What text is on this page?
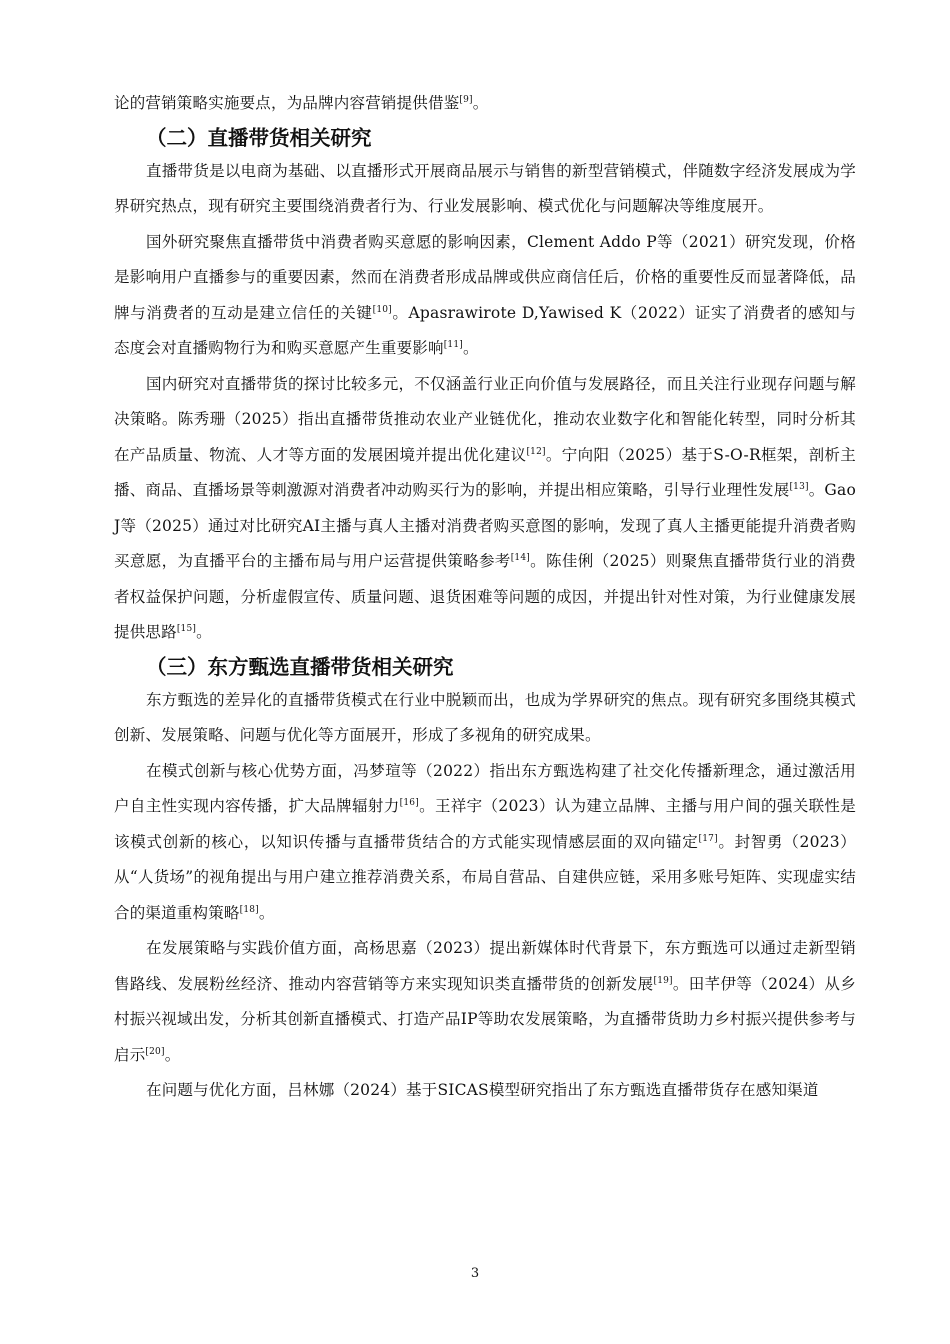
论的营销策略实施要点，为品牌内容营销提供借鉴[9]。

（二）直播带货相关研究

直播带货是以电商为基础、以直播形式开展商品展示与销售的新型营销模式，伴随数字经济发展成为学界研究热点，现有研究主要围绕消费者行为、行业发展影响、模式优化与问题解决等维度展开。

国外研究聚焦直播带货中消费者购买意愿的影响因素，Clement Addo P等（2021）研究发现，价格是影响用户直播参与的重要因素，然而在消费者形成品牌或供应商信任后，价格的重要性反而显著降低，品牌与消费者的互动是建立信任的关键[10]。Apasrawirote D,Yawised K（2022）证实了消费者的感知与态度会对直播购物行为和购买意愿产生重要影响[11]。

国内研究对直播带货的探讨比较多元，不仅涵盖行业正向价值与发展路径，而且关注行业现存问题与解决策略。陈秀珊（2025）指出直播带货推动农业产业链优化，推动农业数字化和智能化转型，同时分析其在产品质量、物流、人才等方面的发展困境并提出优化建议[12]。宁向阳（2025）基于S-O-R框架，剖析主播、商品、直播场景等刺激源对消费者冲动购买行为的影响，并提出相应策略，引导行业理性发展[13]。Gao J等（2025）通过对比研究AI主播与真人主播对消费者购买意图的影响，发现了真人主播更能提升消费者购买意愿，为直播平台的主播布局与用户运营提供策略参考[14]。陈佳俐（2025）则聚焦直播带货行业的消费者权益保护问题，分析虚假宣传、质量问题、退货困难等问题的成因，并提出针对性对策，为行业健康发展提供思路[15]。

（三）东方甄选直播带货相关研究

东方甄选的差异化的直播带货模式在行业中脱颖而出，也成为学界研究的焦点。现有研究多围绕其模式创新、发展策略、问题与优化等方面展开，形成了多视角的研究成果。

在模式创新与核心优势方面，冯梦瑄等（2022）指出东方甄选构建了社交化传播新理念，通过激活用户自主性实现内容传播，扩大品牌辐射力[16]。王祥宇（2023）认为建立品牌、主播与用户间的强关联性是该模式创新的核心，以知识传播与直播带货结合的方式能实现情感层面的双向锚定[17]。封智勇（2023）从“人货场”的视角提出与用户建立推荐消费关系，布局自营品、自建供应链，采用多账号矩阵、实现虚实结合的渠道重构策略[18]。

在发展策略与实践价值方面，高杨思嘉（2023）提出新媒体时代背景下，东方甄选可以通过走新型销售路线、发展粉丝经济、推动内容营销等方来实现知识类直播带货的创新发展[19]。田芊伊等（2024）从乡村振兴视域出发，分析其创新直播模式、打造产品IP等助农发展策略，为直播带货助力乡村振兴提供参考与启示[20]。

在问题与优化方面，吕林娜（2024）基于SICAS模型研究指出了东方甄选直播带货存在感知渠道

3
